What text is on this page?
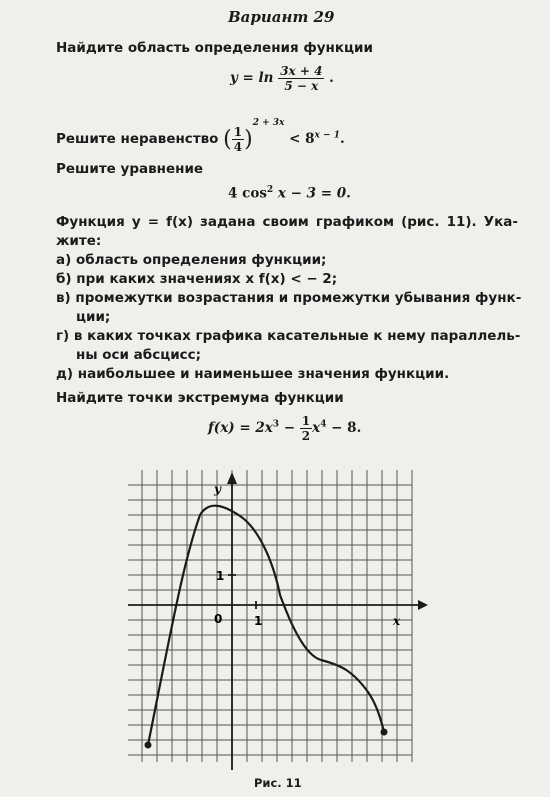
Вариант 29
Найдите область определения функции
$y = \ln \frac{3x + 4}{5 - x}$ .
Решите неравенство ( $\frac{1}{4} )^{2 + 3x} < 8^{x - 1}$.
Решите уравнение
4 $\cos^2 x - 3 = 0$.
Функция y = f(x) задана своим графиком (рис. 11). Ука-
жите:
а) область определения функции;
б) при каких значениях x f(x) < − 2;
в) промежутки возрастания и промежутки убывания функ-
ции;
г) в каких точках графика касательные к нему параллель-
ны оси абсцисс;
д) наибольшее и наименьшее значения функции.
Найдите точки экстремума функции
$f(x) = 2x^3 - \frac{1}{2} x^4 - 8$.
y
x
0	1
1
Рис. 11
